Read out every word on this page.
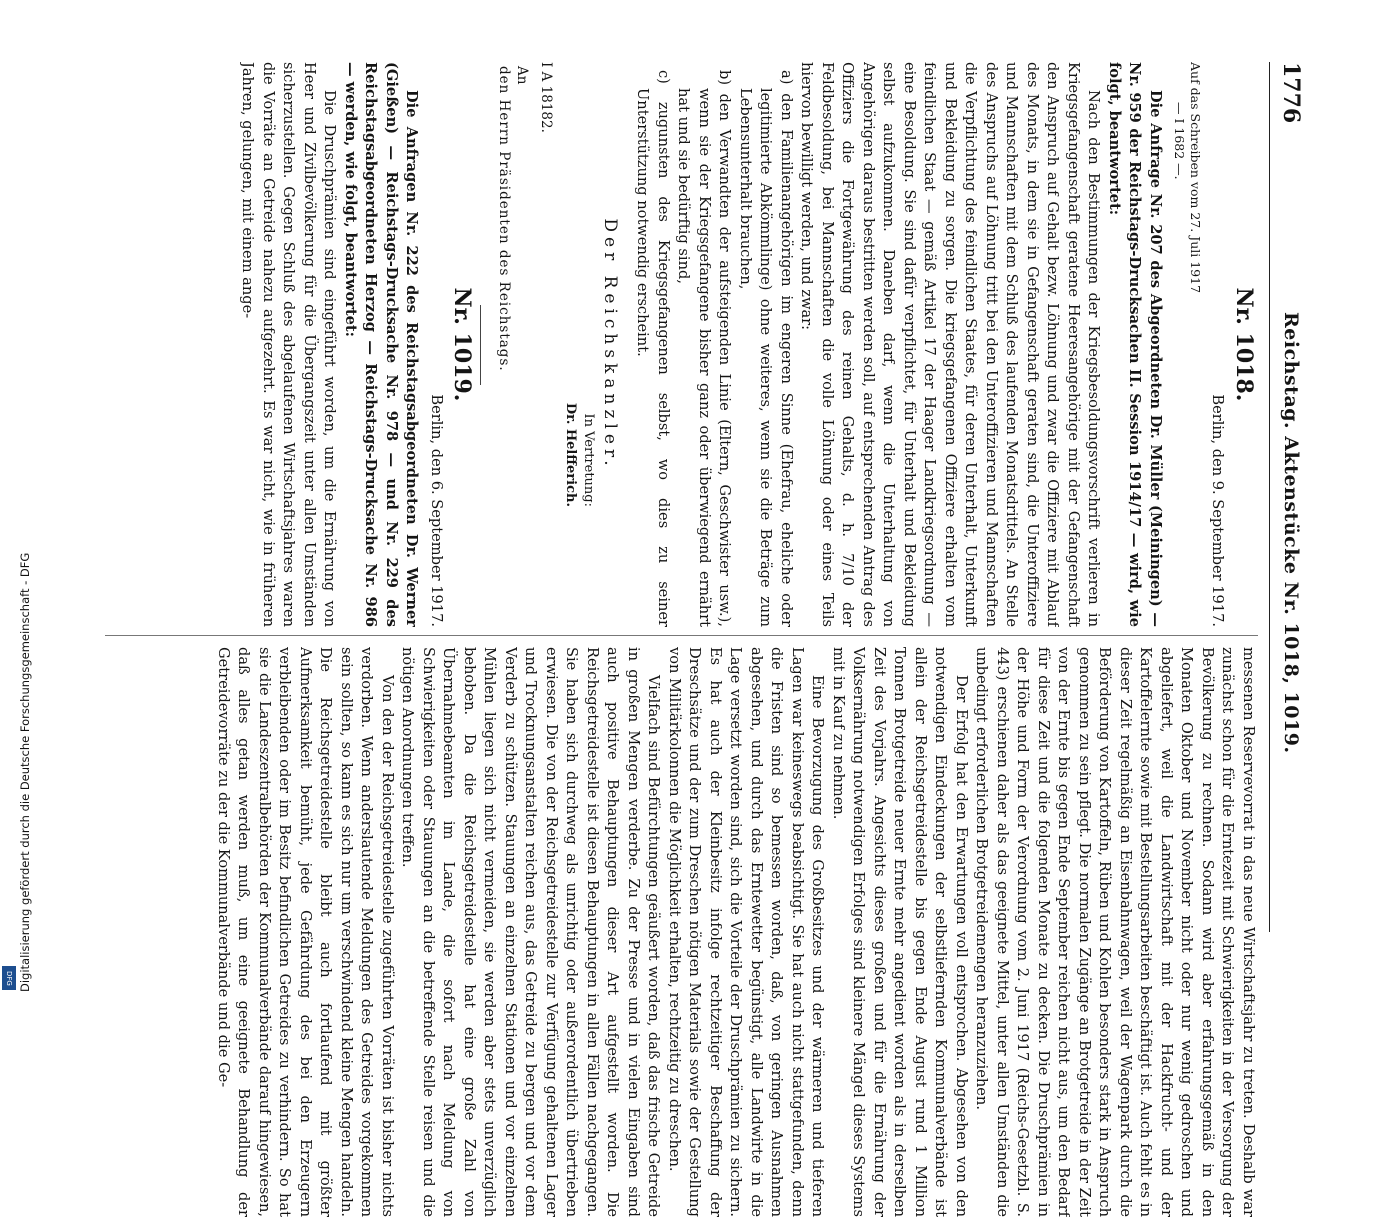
1776
Reichstag. Aktenstücke Nr. 1018, 1019.
Nr. 1018.
Berlin, den 9. September 1917.
Auf das Schreiben vom 27. Juli 1917
— I 1682 —.

Die Anfrage Nr. 207 des Abgeordneten Dr. Müller (Meiningen) — Nr. 959 der Reichstags-Drucksachen II. Session 1914/17 — wird, wie folgt, beantwortet:

Nach den Bestimmungen der Kriegsbesoldungsvorschrift verlieren in Kriegsgefangenschaft geratene Heeresangehörige mit der Gefangenschaft den Anspruch auf Gehalt bezw. Löhnung und zwar die Offiziere mit Ablauf des Monats, in dem sie in Gefangenschaft geraten sind, die Unteroffiziere und Mannschaften mit dem Schluß des laufenden Monatsdrittels. An Stelle des Anspruchs auf Löhnung tritt bei den Unteroffizieren und Mannschaften die Verpflichtung des feindlichen Staates, für deren Unterhalt, Unterkunft und Bekleidung zu sorgen. Die kriegsgefangenen Offiziere erhalten vom feindlichen Staat — gemäß Artikel 17 der Haager Landkriegsordnung — eine Besoldung. Sie sind dafür verpflichtet, für Unterhalt und Bekleidung selbst aufzukommen. Daneben darf, wenn die Unterhaltung von Angehörigen daraus bestritten werden soll, auf entsprechenden Antrag des Offiziers die Fortgewährung des reinen Gehalts, d. h. 7/10 der Feldbesoldung, bei Mannschaften die volle Löhnung oder eines Teils hiervon bewilligt werden, und zwar:

a) den Familienangehörigen im engeren Sinne (Ehefrau, eheliche oder legitimierte Abkömmlinge) ohne weiteres, wenn sie die Beträge zum Lebensunterhalt brauchen,

b) den Verwandten der aufsteigenden Linie (Eltern, Geschwister usw.), wenn sie der Kriegsgefangene bisher ganz oder überwiegend ernährt hat und sie bedürftig sind,

c) zugunsten des Kriegsgefangenen selbst, wo dies zu seiner Unterstützung notwendig erscheint.

Der Reichskanzler.
In Vertretung:
Dr. Helfferich.
I A 18182.
An
den Herrn Präsidenten des Reichstags.
Nr. 1019.
Berlin, den 6. September 1917.

Die Anfragen Nr. 222 des Reichstagsabgeordneten Dr. Werner (Gießen) — Reichstags-Drucksache Nr. 978 — und Nr. 229 des Reichstagsabgeordneten Herzog — Reichstags-Drucksache Nr. 986 — werden, wie folgt, beantwortet:

Die Druschprämien sind eingeführt worden, um die Ernährung von Heer und Zivilbevölkerung für die Übergangszeit unter allen Umständen sicherzustellen. Gegen Schluß des abgelaufenen Wirtschaftsjahres waren die Vorräte an Getreide nahezu aufgezehrt. Es war nicht, wie in früheren Jahren, gelungen, mit einem ange-

messenen Reservevorrat in das neue Wirtschaftsjahr zu treten. Deshalb war zunächst schon für die Erntezeit mit Schwierigkeiten in der Versorgung der Bevölkerung zu rechnen. Sodann wird aber erfahrungsgemäß in den Monaten Oktober und November nicht oder nur wenig gedroschen und abgeliefert, weil die Landwirtschaft mit der Hackfrucht- und der Kartoffelernte sowie mit Bestellungsarbeiten beschäftigt ist. Auch fehlt es in dieser Zeit regelmäßig an Eisenbahnwagen, weil der Wagenpark durch die Beförderung von Kartoffeln, Rüben und Kohlen besonders stark in Anspruch genommen zu sein pflegt. Die normalen Zugänge an Brotgetreide in der Zeit von der Ernte bis gegen Ende September reichen nicht aus, um den Bedarf für diese Zeit und die folgenden Monate zu decken. Die Druschprämien in der Höhe und Form der Verordnung vom 2. Juni 1917 (Reichs-Gesetzbl. S. 443) erschienen daher als das geeignete Mittel, unter allen Umständen die unbedingt erforderlichen Brotgetreidemengen heranzuziehen.

Der Erfolg hat den Erwartungen voll entsprochen. Abgesehen von den notwendigen Eindeckungen der selbstliefernden Kommunalverbände ist allein der Reichsgetreidestelle bis gegen Ende August rund 1 Million Tonnen Brotgetreide neuer Ernte mehr angedient worden als in derselben Zeit des Vorjahrs. Angesichts dieses großen und für die Ernährung der Volksernährung notwendigen Erfolges sind kleinere Mängel dieses Systems mit in Kauf zu nehmen.

Eine Bevorzugung des Großbesitzes und der wärmeren und tieferen Lagen war keineswegs beabsichtigt. Sie hat auch nicht stattgefunden, denn die Fristen sind so bemessen worden, daß, von geringen Ausnahmen abgesehen, und durch das Erntewetter begünstigt, alle Landwirte in die Lage versetzt worden sind, sich die Vorteile der Druschprämien zu sichern. Es hat auch der Kleinbesitz infolge rechtzeitiger Beschaffung der Dreschsätze und der zum Dreschen nötigen Materials sowie der Gestellung von Militärkolonnen die Möglichkeit erhalten, rechtzeitig zu dreschen.

Vielfach sind Befürchtungen geäußert worden, daß das frische Getreide in großen Mengen verderbe. Zu der Presse und in vielen Eingaben sind auch positive Behauptungen dieser Art aufgestellt worden. Die Reichsgetreidestelle ist diesen Behauptungen in allen Fällen nachgegangen. Sie haben sich durchweg als unrichtig oder außerordentlich übertrieben erwiesen. Die von der Reichsgetreidestelle zur Verfügung gehaltenen Lager und Trocknungsanstalten reichen aus, das Getreide zu bergen und vor dem Verderb zu schützen. Stauungen an einzelnen Stationen und vor einzelnen Mühlen liegen sich nicht vermeiden, sie werden aber stets unverzüglich behoben. Da die Reichsgetreidestelle hat eine große Zahl von Übernahmebeamten im Lande, die sofort nach Meldung von Schwierigkeiten oder Stauungen an die betreffende Stelle reisen und die nötigen Anordnungen treffen.

Von den der Reichsgetreidestelle zugeführten Vorräten ist bisher nichts verdorben. Wenn anderslautende Meldungen des Getreides vorgekommen sein sollten, so kann es sich nur um verschwindend kleine Mengen handeln. Die Reichsgetreidestelle bleibt auch fortlaufend mit größter Aufmerksamkeit bemüht, jede Gefährdung des bei den Erzeugern verbleibenden oder im Besitz befindlichen Getreides zu verhindern. So hat sie die Landeszentralbehörden der Kommunalverbände darauf hingewiesen, daß alles getan werden muß, um eine geeignete Behandlung der Getreidevorräte zu der die Kommunalverbände und die Ge-

Digitalisierung gefördert durch die Deutsche Forschungsgemeinschaft - DFG
DFG
